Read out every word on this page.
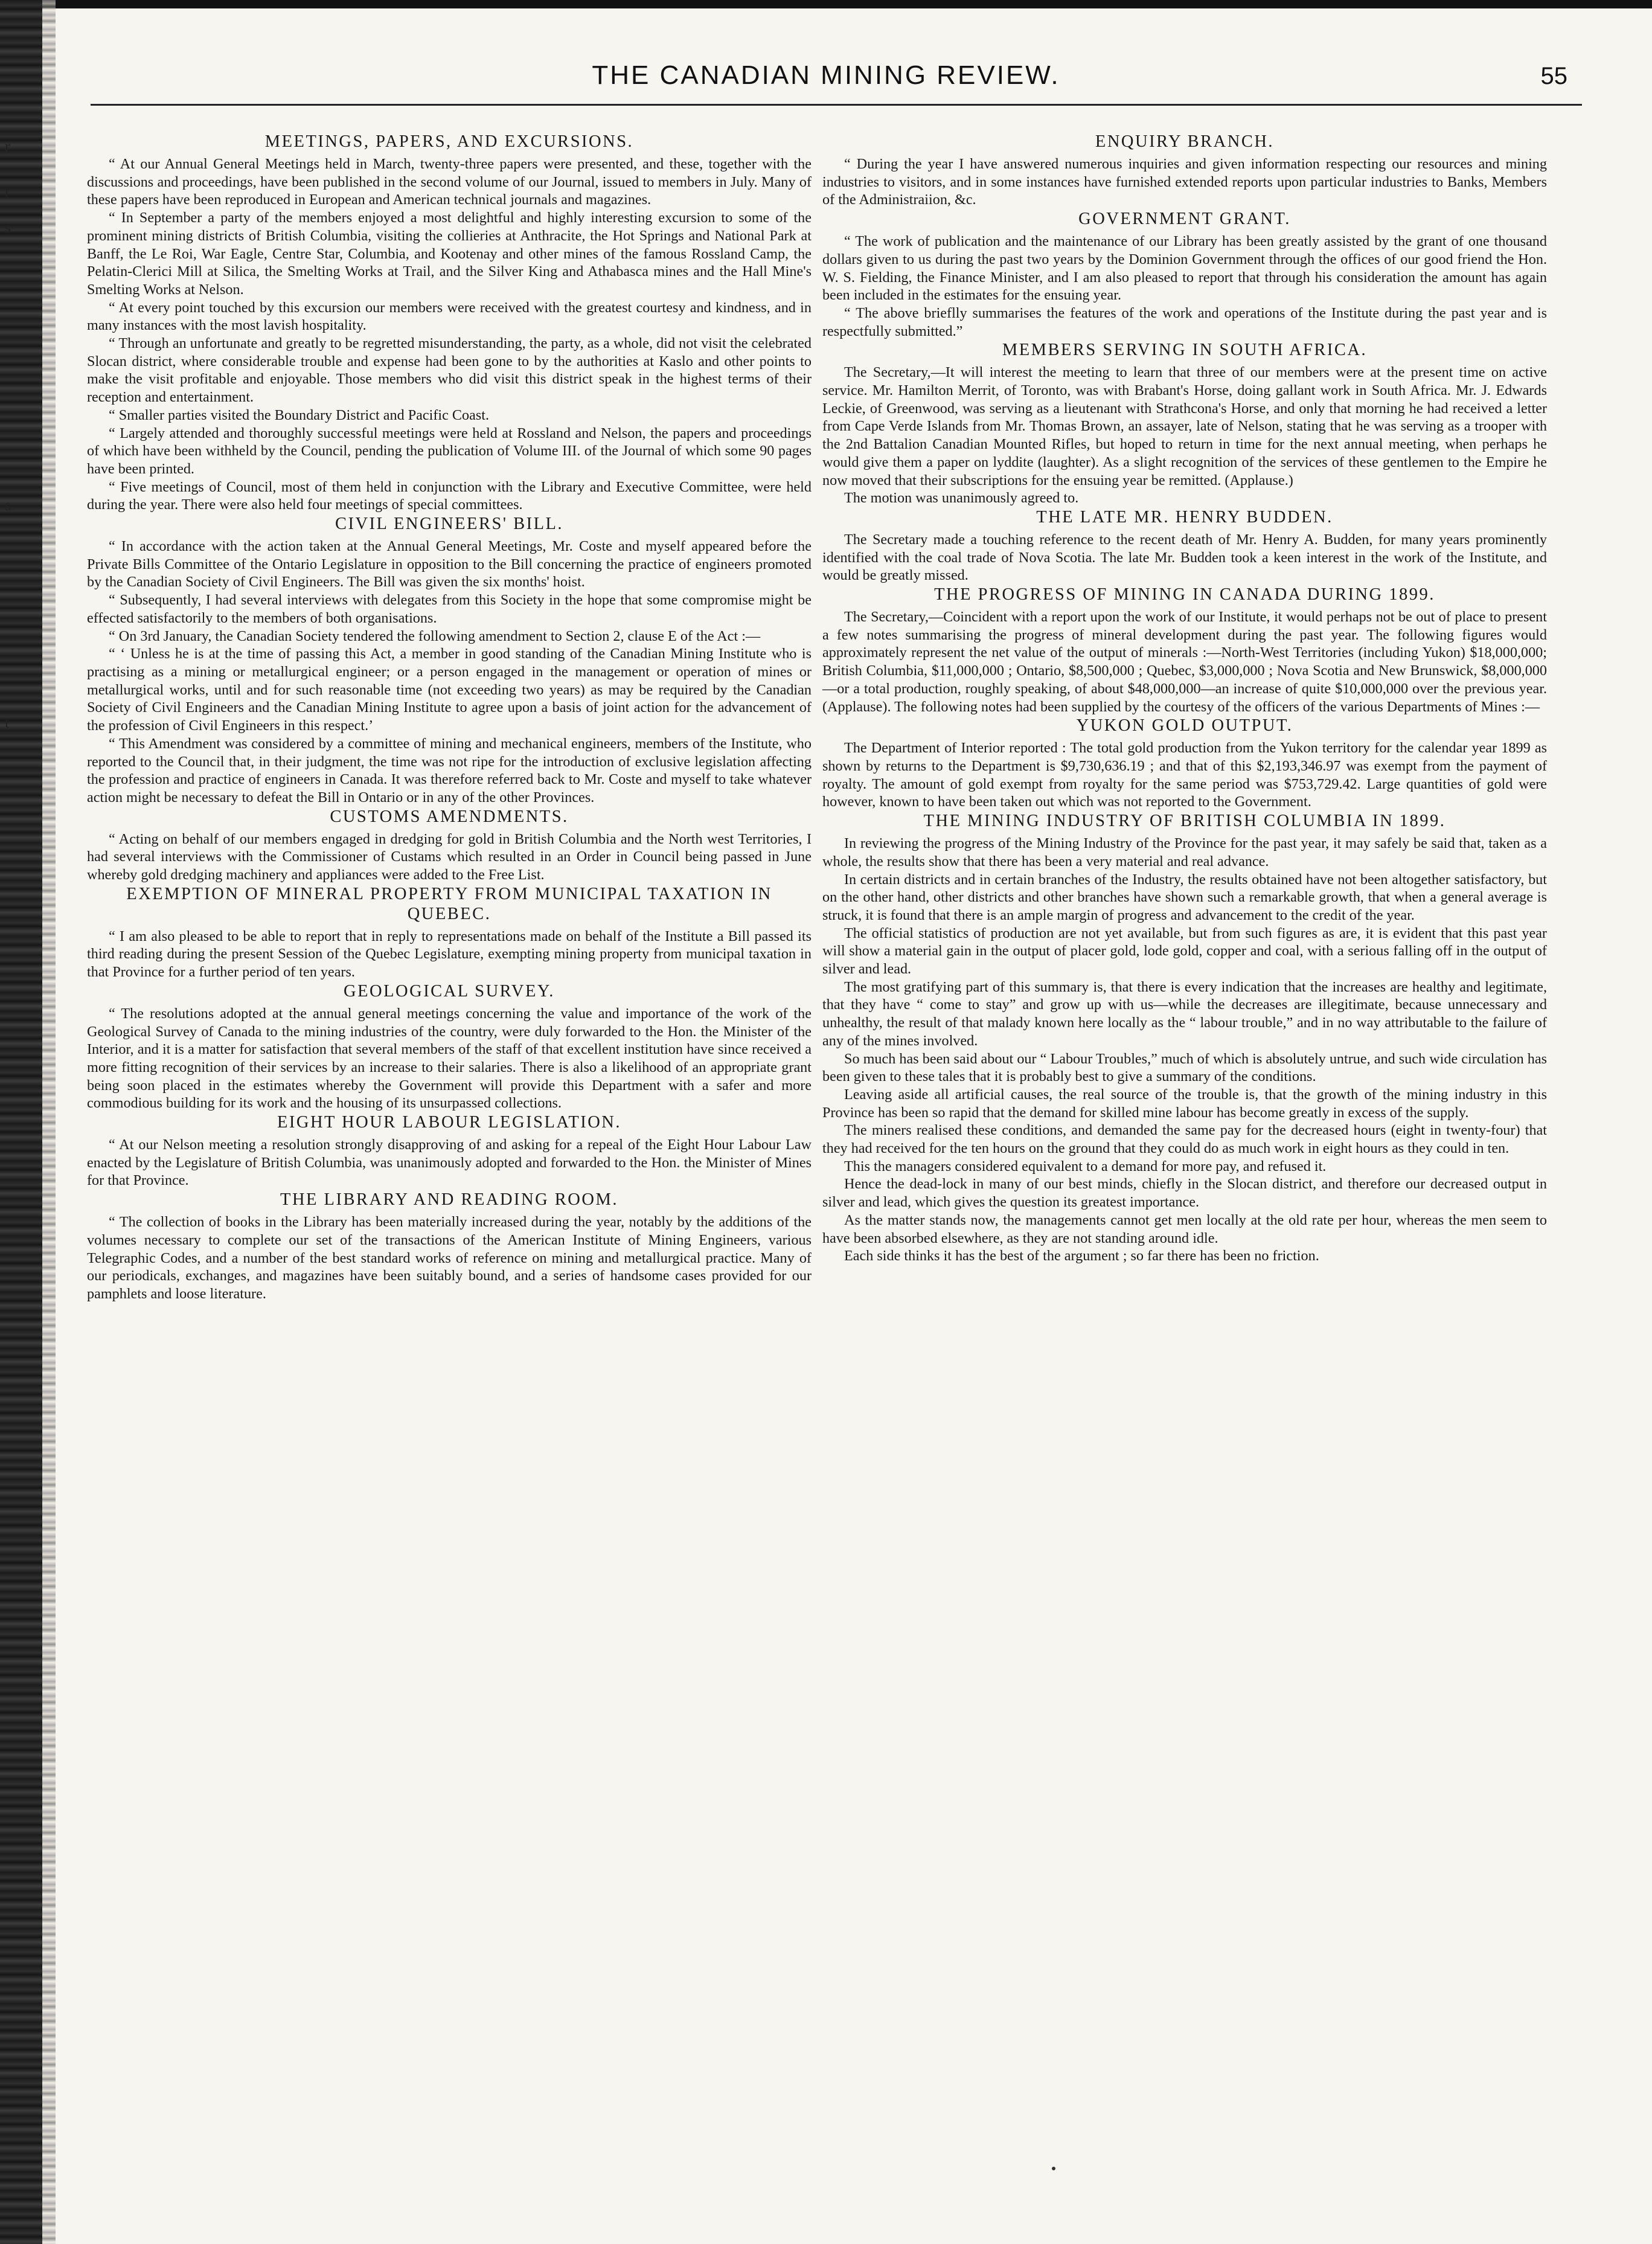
r
r
s
s
t
THE CANADIAN MINING REVIEW.	55
MEETINGS, PAPERS, AND EXCURSIONS.

“ At our Annual General Meetings held in March, twenty-three papers were presented, and these, together with the discussions and proceedings, have been published in the second volume of our Journal, issued to members in July. Many of these papers have been reproduced in European and American technical journals and magazines.

“ In September a party of the members enjoyed a most delightful and highly interesting excursion to some of the prominent mining districts of British Columbia, visiting the collieries at Anthracite, the Hot Springs and National Park at Banff, the Le Roi, War Eagle, Centre Star, Columbia, and Kootenay and other mines of the famous Rossland Camp, the Pelatin-Clerici Mill at Silica, the Smelting Works at Trail, and the Silver King and Athabasca mines and the Hall Mine's Smelting Works at Nelson.

“ At every point touched by this excursion our members were received with the greatest courtesy and kindness, and in many instances with the most lavish hospitality.

“ Through an unfortunate and greatly to be regretted misunderstanding, the party, as a whole, did not visit the celebrated Slocan district, where considerable trouble and expense had been gone to by the authorities at Kaslo and other points to make the visit profitable and enjoyable. Those members who did visit this district speak in the highest terms of their reception and entertainment.

“ Smaller parties visited the Boundary District and Pacific Coast.

“ Largely attended and thoroughly successful meetings were held at Rossland and Nelson, the papers and proceedings of which have been withheld by the Council, pending the publication of Volume III. of the Journal of which some 90 pages have been printed.

“ Five meetings of Council, most of them held in conjunction with the Library and Executive Committee, were held during the year. There were also held four meetings of special committees.

CIVIL ENGINEERS' BILL.

“ In accordance with the action taken at the Annual General Meetings, Mr. Coste and myself appeared before the Private Bills Committee of the Ontario Legislature in opposition to the Bill concerning the practice of engineers promoted by the Canadian Society of Civil Engineers. The Bill was given the six months' hoist.

“ Subsequently, I had several interviews with delegates from this Society in the hope that some compromise might be effected satisfactorily to the members of both organisations.

“ On 3rd January, the Canadian Society tendered the following amendment to Section 2, clause E of the Act :—

“ ‘ Unless he is at the time of passing this Act, a member in good standing of the Canadian Mining Institute who is practising as a mining or metallurgical engineer; or a person engaged in the management or operation of mines or metallurgical works, until and for such reasonable time (not exceeding two years) as may be required by the Canadian Society of Civil Engineers and the Canadian Mining Institute to agree upon a basis of joint action for the advancement of the profession of Civil Engineers in this respect.’

“ This Amendment was considered by a committee of mining and mechanical engineers, members of the Institute, who reported to the Council that, in their judgment, the time was not ripe for the introduction of exclusive legislation affecting the profession and practice of engineers in Canada. It was therefore referred back to Mr. Coste and myself to take whatever action might be necessary to defeat the Bill in Ontario or in any of the other Provinces.

CUSTOMS AMENDMENTS.

“ Acting on behalf of our members engaged in dredging for gold in British Columbia and the North west Territories, I had several interviews with the Commissioner of Custams which resulted in an Order in Council being passed in June whereby gold dredging machinery and appliances were added to the Free List.

EXEMPTION OF MINERAL PROPERTY FROM MUNICIPAL TAXATION IN QUEBEC.

“ I am also pleased to be able to report that in reply to representations made on behalf of the Institute a Bill passed its third reading during the present Session of the Quebec Legislature, exempting mining property from municipal taxation in that Province for a further period of ten years.

GEOLOGICAL SURVEY.

“ The resolutions adopted at the annual general meetings concerning the value and importance of the work of the Geological Survey of Canada to the mining industries of the country, were duly forwarded to the Hon. the Minister of the Interior, and it is a matter for satisfaction that several members of the staff of that excellent institution have since received a more fitting recognition of their services by an increase to their salaries. There is also a likelihood of an appropriate grant being soon placed in the estimates whereby the Government will provide this Department with a safer and more commodious building for its work and the housing of its unsurpassed collections.

EIGHT HOUR LABOUR LEGISLATION.

“ At our Nelson meeting a resolution strongly disapproving of and asking for a repeal of the Eight Hour Labour Law enacted by the Legislature of British Columbia, was unanimously adopted and forwarded to the Hon. the Minister of Mines for that Province.

THE LIBRARY AND READING ROOM.

“ The collection of books in the Library has been materially increased during the year, notably by the additions of the volumes necessary to complete our set of the transactions of the American Institute of Mining Engineers, various Telegraphic Codes, and a number of the best standard works of reference on mining and metallurgical practice. Many of our periodicals, exchanges, and magazines have been suitably bound, and a series of handsome cases provided for our pamphlets and loose literature.

ENQUIRY BRANCH.

“ During the year I have answered numerous inquiries and given information respecting our resources and mining industries to visitors, and in some instances have furnished extended reports upon particular industries to Banks, Members of the Administraiion, &c.

GOVERNMENT GRANT.

“ The work of publication and the maintenance of our Library has been greatly assisted by the grant of one thousand dollars given to us during the past two years by the Dominion Government through the offices of our good friend the Hon. W. S. Fielding, the Finance Minister, and I am also pleased to report that through his consideration the amount has again been included in the estimates for the ensuing year.

“ The above brieflly summarises the features of the work and operations of the Institute during the past year and is respectfully submitted.”

MEMBERS SERVING IN SOUTH AFRICA.

The Secretary,—It will interest the meeting to learn that three of our members were at the present time on active service. Mr. Hamilton Merrit, of Toronto, was with Brabant's Horse, doing gallant work in South Africa. Mr. J. Edwards Leckie, of Greenwood, was serving as a lieutenant with Strathcona's Horse, and only that morning he had received a letter from Cape Verde Islands from Mr. Thomas Brown, an assayer, late of Nelson, stating that he was serving as a trooper with the 2nd Battalion Canadian Mounted Rifles, but hoped to return in time for the next annual meeting, when perhaps he would give them a paper on lyddite (laughter). As a slight recognition of the services of these gentlemen to the Empire he now moved that their subscriptions for the ensuing year be remitted. (Applause.)

The motion was unanimously agreed to.

THE LATE MR. HENRY BUDDEN.

The Secretary made a touching reference to the recent death of Mr. Henry A. Budden, for many years prominently identified with the coal trade of Nova Scotia. The late Mr. Budden took a keen interest in the work of the Institute, and would be greatly missed.

THE PROGRESS OF MINING IN CANADA DURING 1899.

The Secretary,—Coincident with a report upon the work of our Institute, it would perhaps not be out of place to present a few notes summarising the progress of mineral development during the past year. The following figures would approximately represent the net value of the output of minerals :—North-West Territories (including Yukon) $18,000,000; British Columbia, $11,000,000 ; Ontario, $8,500,000 ; Quebec, $3,000,000 ; Nova Scotia and New Brunswick, $8,000,000—or a total production, roughly speaking, of about $48,000,000—an increase of quite $10,000,000 over the previous year. (Applause). The following notes had been supplied by the courtesy of the officers of the various Departments of Mines :—

YUKON GOLD OUTPUT.

The Department of Interior reported : The total gold production from the Yukon territory for the calendar year 1899 as shown by returns to the Department is $9,730,636.19 ; and that of this $2,193,346.97 was exempt from the payment of royalty. The amount of gold exempt from royalty for the same period was $753,729.42. Large quantities of gold were however, known to have been taken out which was not reported to the Government.

THE MINING INDUSTRY OF BRITISH COLUMBIA IN 1899.

In reviewing the progress of the Mining Industry of the Province for the past year, it may safely be said that, taken as a whole, the results show that there has been a very material and real advance.

In certain districts and in certain branches of the Industry, the results obtained have not been altogether satisfactory, but on the other hand, other districts and other branches have shown such a remarkable growth, that when a general average is struck, it is found that there is an ample margin of progress and advancement to the credit of the year.

The official statistics of production are not yet available, but from such figures as are, it is evident that this past year will show a material gain in the output of placer gold, lode gold, copper and coal, with a serious falling off in the output of silver and lead.

The most gratifying part of this summary is, that there is every indication that the increases are healthy and legitimate, that they have “ come to stay” and grow up with us—while the decreases are illegitimate, because unnecessary and unhealthy, the result of that malady known here locally as the “ labour trouble,” and in no way attributable to the failure of any of the mines involved.

So much has been said about our “ Labour Troubles,” much of which is absolutely untrue, and such wide circulation has been given to these tales that it is probably best to give a summary of the conditions.

Leaving aside all artificial causes, the real source of the trouble is, that the growth of the mining industry in this Province has been so rapid that the demand for skilled mine labour has become greatly in excess of the supply.

The miners realised these conditions, and demanded the same pay for the decreased hours (eight in twenty-four) that they had received for the ten hours on the ground that they could do as much work in eight hours as they could in ten.

This the managers considered equivalent to a demand for more pay, and refused it.

Hence the dead-lock in many of our best minds, chiefly in the Slocan district, and therefore our decreased output in silver and lead, which gives the question its greatest importance.

As the matter stands now, the managements cannot get men locally at the old rate per hour, whereas the men seem to have been absorbed elsewhere, as they are not standing around idle.

Each side thinks it has the best of the argument ; so far there has been no friction.
